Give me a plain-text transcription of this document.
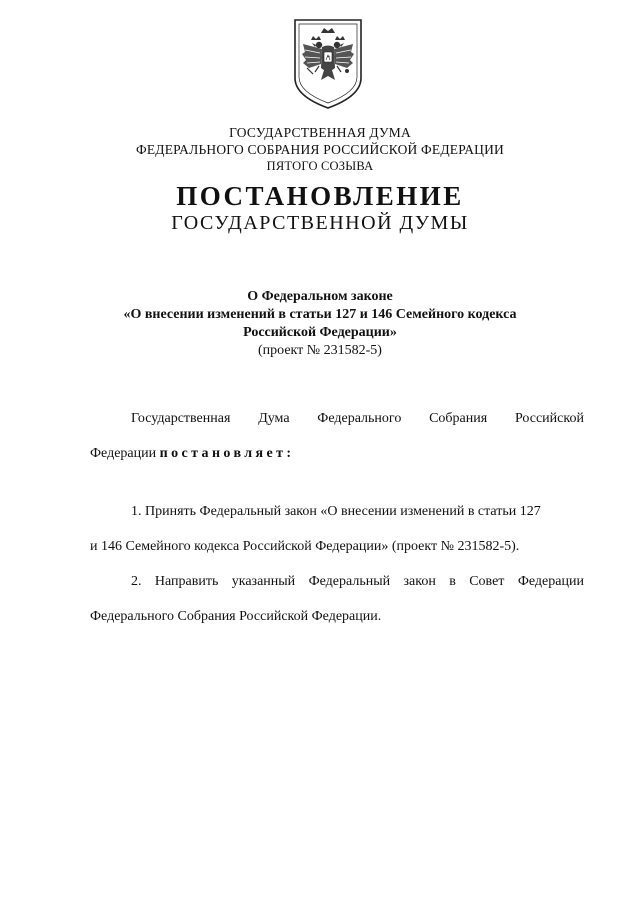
ГОСУДАРСТВЕННАЯ ДУМА
ФЕДЕРАЛЬНОГО СОБРАНИЯ РОССИЙСКОЙ ФЕДЕРАЦИИ
ПЯТОГО СОЗЫВА
ПОСТАНОВЛЕНИЕ
ГОСУДАРСТВЕННОЙ ДУМЫ
О Федеральном законе
«О внесении изменений в статьи 127 и 146 Семейного кодекса
Российской Федерации»
(проект № 231582-5)
Государственная Дума Федерального Собрания Российской
Федерации постановляет:
1. Принять Федеральный закон «О внесении изменений в статьи 127
и 146 Семейного кодекса Российской Федерации» (проект № 231582-5).
2. Направить указанный Федеральный закон в Совет Федерации
Федерального Собрания Российской Федерации.
